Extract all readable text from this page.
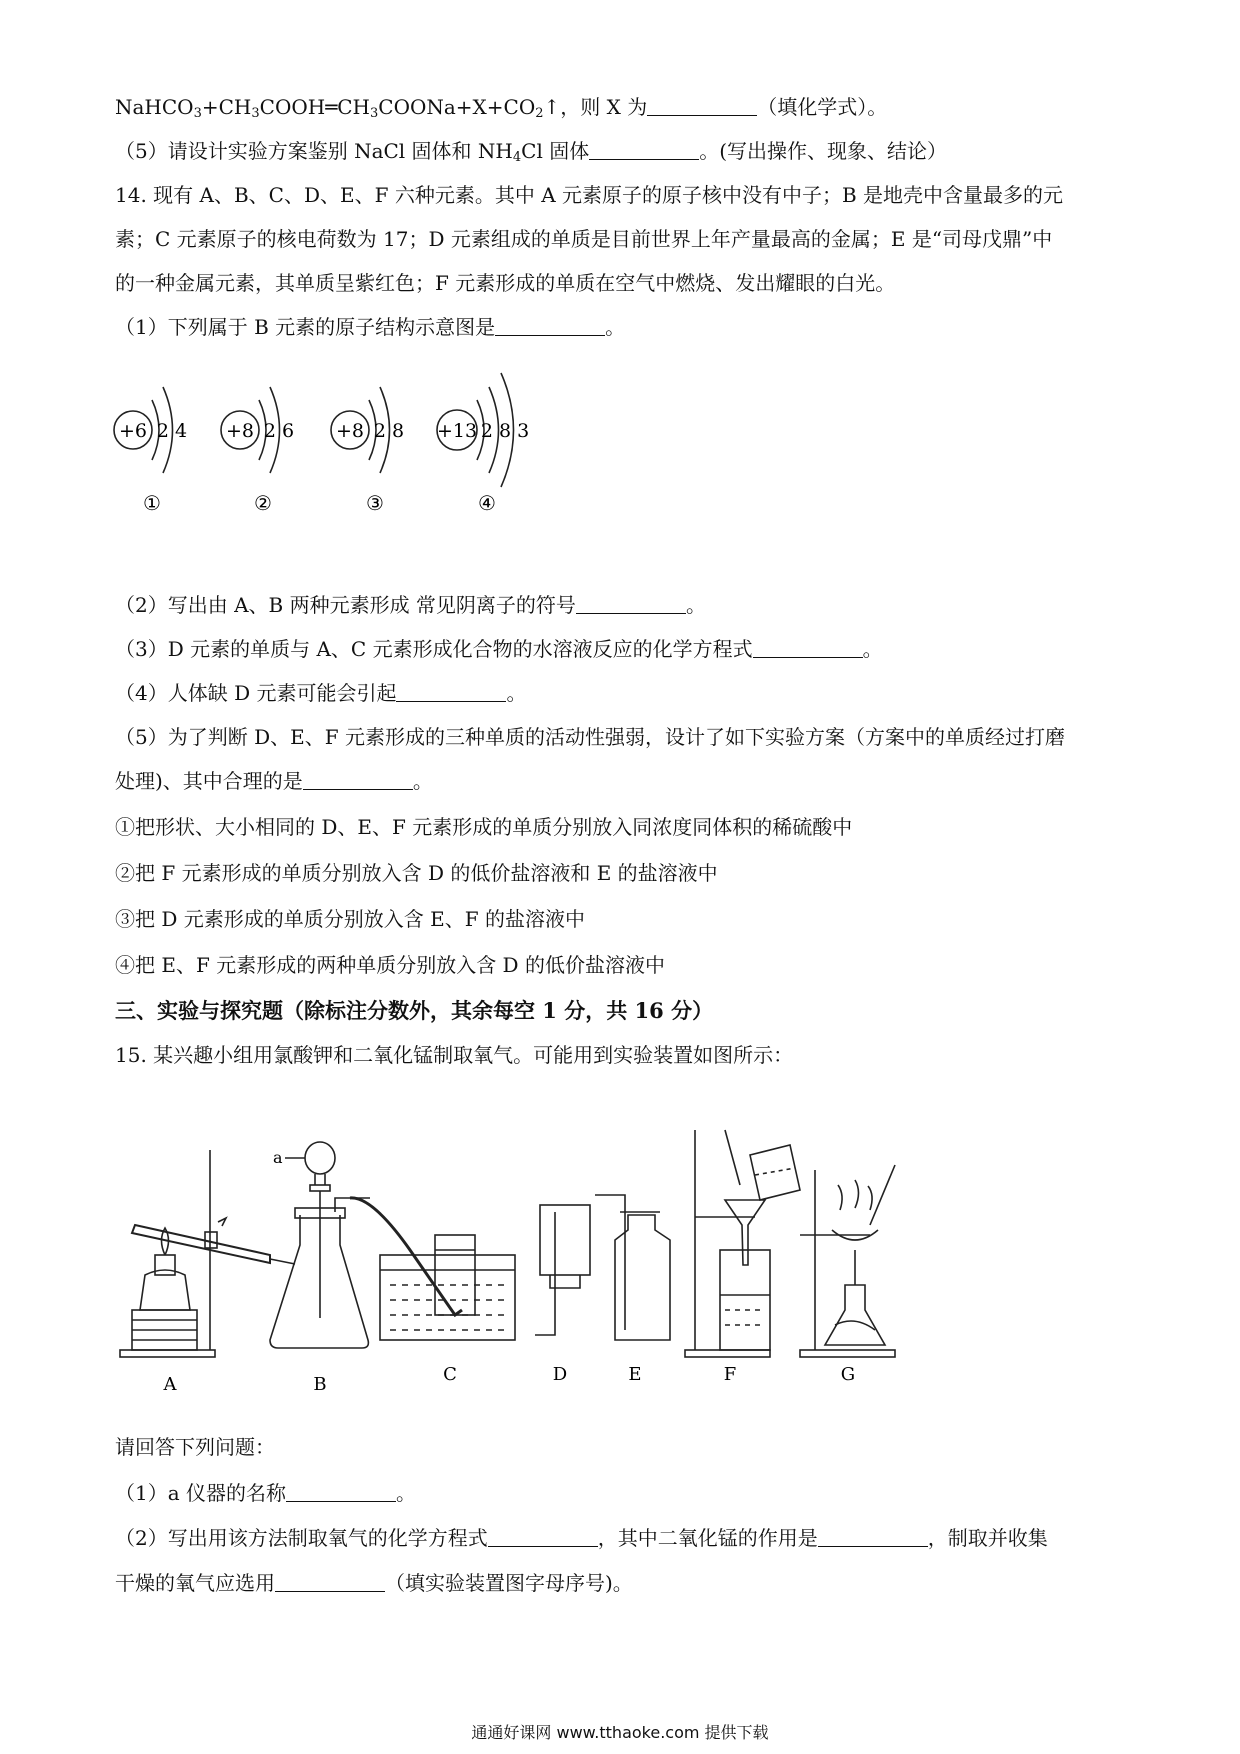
$NaHCO_3+CH_3COOH═CH_3COONa+X+CO_2↑$，则 X 为	（填化学式）。
（5）请设计实验方案鉴别 NaCl 固体和 $NH_4Cl$ 固体	。(写出操作、现象、结论）
14. 现有 A、B、C、D、E、F 六种元素。其中 A 元素原子的原子核中没有中子；B 是地壳中含量最多的元
素；C 元素原子的核电荷数为 17；D 元素组成的单质是目前世界上年产量最高的金属；E 是“司母戊鼎”中
的一种金属元素，其单质呈紫红色；F 元素形成的单质在空气中燃烧、发出耀眼的白光。
（1）下列属于 B 元素的原子结构示意图是	。
+6 2 4
①
+8 2 6
②
+8 2 8
③
+13 2 8 3
④
（2）写出由 A、B 两种元素形成 常见阴离子的符号	。
（3）D 元素的单质与 A、C 元素形成化合物的水溶液反应的化学方程式	。
（4）人体缺 D 元素可能会引起	。
（5）为了判断 D、E、F 元素形成的三种单质的活动性强弱，设计了如下实验方案（方案中的单质经过打磨
处理)、其中合理的是	。
①把形状、大小相同的 D、E、F 元素形成的单质分别放入同浓度同体积的稀硫酸中
②把 F 元素形成的单质分别放入含 D 的低价盐溶液和 E 的盐溶液中
③把 D 元素形成的单质分别放入含 E、F 的盐溶液中
④把 E、F 元素形成的两种单质分别放入含 D 的低价盐溶液中
三、实验与探究题（除标注分数外，其余每空 1 分，共 16 分）
15. 某兴趣小组用氯酸钾和二氧化锰制取氧气。可能用到实验装置如图所示：
A
a
B	C	D	E	F	G
请回答下列问题：
（1）a 仪器的名称	。
（2）写出用该方法制取氧气的化学方程式	，其中二氧化锰的作用是	，制取并收集
干燥的氧气应选用	（填实验装置图字母序号)。
通通好课网 www.tthaoke.com 提供下载
